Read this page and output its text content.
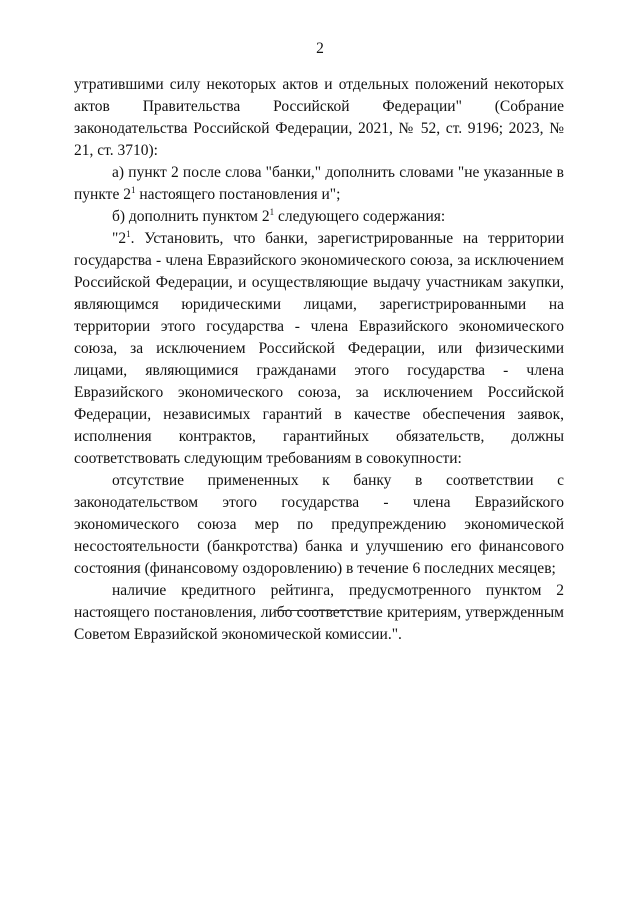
2

утратившими силу некоторых актов и отдельных положений некоторых актов Правительства Российской Федерации" (Собрание законодательства Российской Федерации, 2021, № 52, ст. 9196; 2023, № 21, ст. 3710):

а) пункт 2 после слова "банки," дополнить словами "не указанные в пункте $2^1$ настоящего постановления и";

б) дополнить пунктом $2^1$ следующего содержания:

"$2^1$. Установить, что банки, зарегистрированные на территории государства - члена Евразийского экономического союза, за исключением Российской Федерации, и осуществляющие выдачу участникам закупки, являющимся юридическими лицами, зарегистрированными на территории этого государства - члена Евразийского экономического союза, за исключением Российской Федерации, или физическими лицами, являющимися гражданами этого государства - члена Евразийского экономического союза, за исключением Российской Федерации, независимых гарантий в качестве обеспечения заявок, исполнения контрактов, гарантийных обязательств, должны соответствовать следующим требованиям в совокупности:

отсутствие примененных к банку в соответствии с законодательством этого государства - члена Евразийского экономического союза мер по предупреждению экономической несостоятельности (банкротства) банка и улучшению его финансового состояния (финансовому оздоровлению) в течение 6 последних месяцев;

наличие кредитного рейтинга, предусмотренного пунктом 2 настоящего постановления, либо соответствие критериям, утвержденным Советом Евразийской экономической комиссии.".
